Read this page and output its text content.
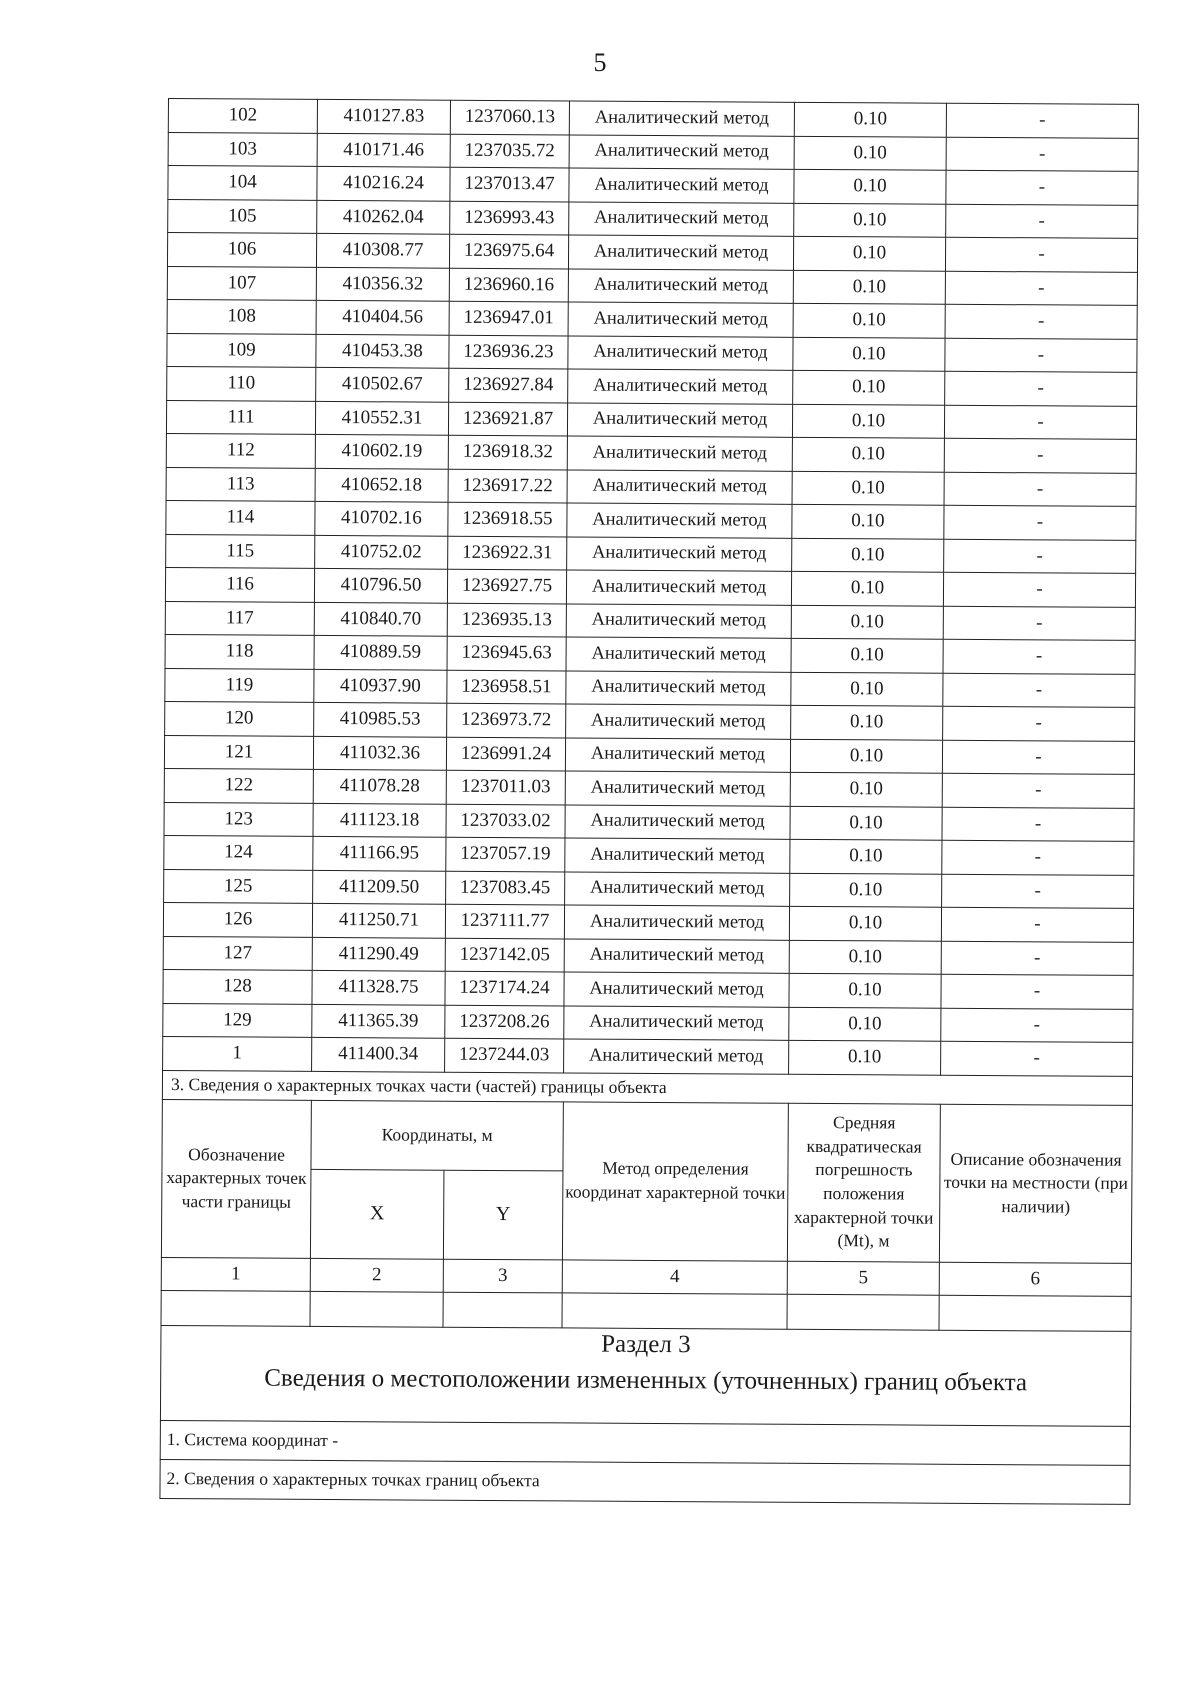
5
102	410127.83	1237060.13	Аналитический метод	0.10	-
103	410171.46	1237035.72	Аналитический метод	0.10	-
104	410216.24	1237013.47	Аналитический метод	0.10	-
105	410262.04	1236993.43	Аналитический метод	0.10	-
106	410308.77	1236975.64	Аналитический метод	0.10	-
107	410356.32	1236960.16	Аналитический метод	0.10	-
108	410404.56	1236947.01	Аналитический метод	0.10	-
109	410453.38	1236936.23	Аналитический метод	0.10	-
110	410502.67	1236927.84	Аналитический метод	0.10	-
111	410552.31	1236921.87	Аналитический метод	0.10	-
112	410602.19	1236918.32	Аналитический метод	0.10	-
113	410652.18	1236917.22	Аналитический метод	0.10	-
114	410702.16	1236918.55	Аналитический метод	0.10	-
115	410752.02	1236922.31	Аналитический метод	0.10	-
116	410796.50	1236927.75	Аналитический метод	0.10	-
117	410840.70	1236935.13	Аналитический метод	0.10	-
118	410889.59	1236945.63	Аналитический метод	0.10	-
119	410937.90	1236958.51	Аналитический метод	0.10	-
120	410985.53	1236973.72	Аналитический метод	0.10	-
121	411032.36	1236991.24	Аналитический метод	0.10	-
122	411078.28	1237011.03	Аналитический метод	0.10	-
123	411123.18	1237033.02	Аналитический метод	0.10	-
124	411166.95	1237057.19	Аналитический метод	0.10	-
125	411209.50	1237083.45	Аналитический метод	0.10	-
126	411250.71	1237111.77	Аналитический метод	0.10	-
127	411290.49	1237142.05	Аналитический метод	0.10	-
128	411328.75	1237174.24	Аналитический метод	0.10	-
129	411365.39	1237208.26	Аналитический метод	0.10	-
1	411400.34	1237244.03	Аналитический метод	0.10	-
3. Сведения о характерных точках части (частей) границы объекта					
Обозначение характерных точек части границы	Координаты, м		Метод определения координат характерной точки	Средняя квадратическая погрешность положения характерной точки (Mt), м	Описание обозначения точки на местности (при наличии)
	X	Y			
1	2	3	4	5	6

Раздел 3					
Сведения о местоположении измененных (уточненных) границ объекта					
1. Система координат -					
2. Сведения о характерных точках границ объекта					
